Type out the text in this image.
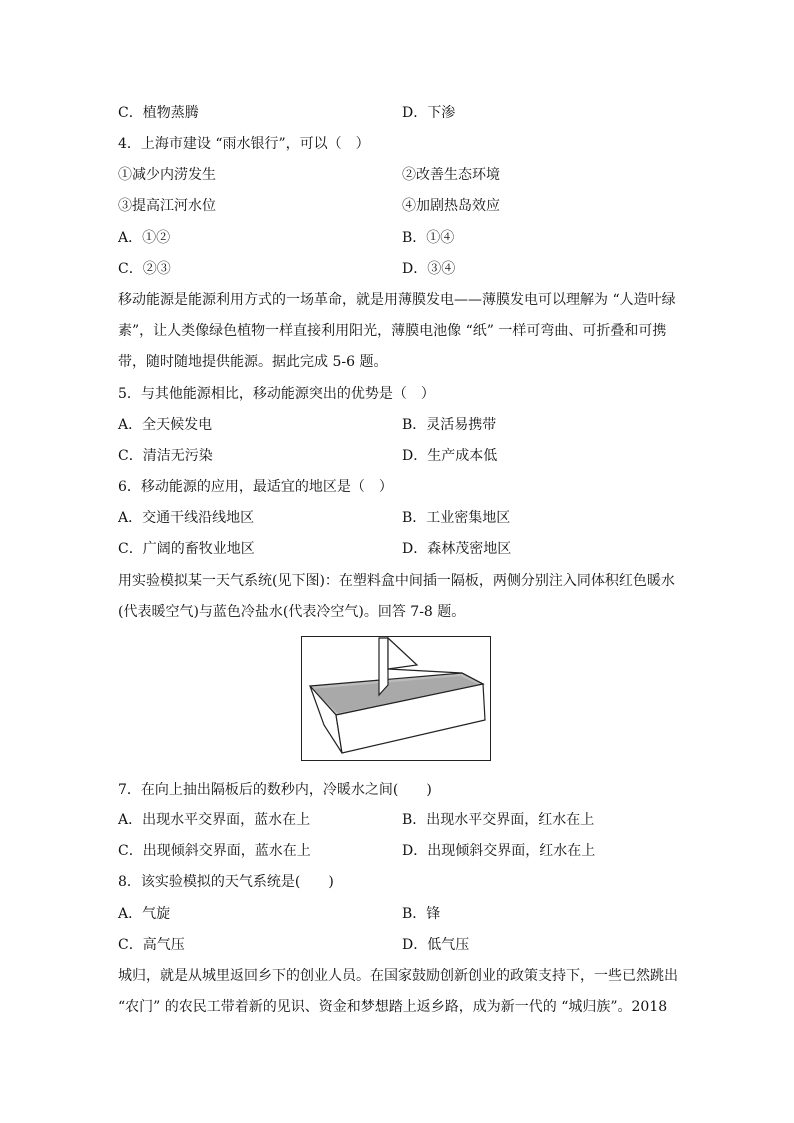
C．植物蒸腾	D．下渗
4．上海市建设 “雨水银行”，可以（　）
①减少内涝发生	②改善生态环境
③提高江河水位	④加剧热岛效应
A．①②	B．①④
C．②③	D．③④
移动能源是能源利用方式的一场革命，就是用薄膜发电——薄膜发电可以理解为 “人造叶绿
素”，让人类像绿色植物一样直接利用阳光，薄膜电池像 “纸” 一样可弯曲、可折叠和可携
带，随时随地提供能源。据此完成 5-6 题。
5．与其他能源相比，移动能源突出的优势是（　）
A．全天候发电	B．灵活易携带
C．清洁无污染	D．生产成本低
6．移动能源的应用，最适宜的地区是（　）
A．交通干线沿线地区	B．工业密集地区
C．广阔的畜牧业地区	D．森林茂密地区
用实验模拟某一天气系统(见下图)：在塑料盒中间插一隔板，两侧分别注入同体积红色暖水
(代表暖空气)与蓝色冷盐水(代表冷空气)。回答 7-8 题。
7．在向上抽出隔板后的数秒内，冷暖水之间(　　)
A．出现水平交界面，蓝水在上	B．出现水平交界面，红水在上
C．出现倾斜交界面，蓝水在上	D．出现倾斜交界面，红水在上
8．该实验模拟的天气系统是(　　)
A．气旋	B．锋
C．高气压	D．低气压
城归，就是从城里返回乡下的创业人员。在国家鼓励创新创业的政策支持下，一些已然跳出
“农门” 的农民工带着新的见识、资金和梦想踏上返乡路，成为新一代的 “城归族”。2018
